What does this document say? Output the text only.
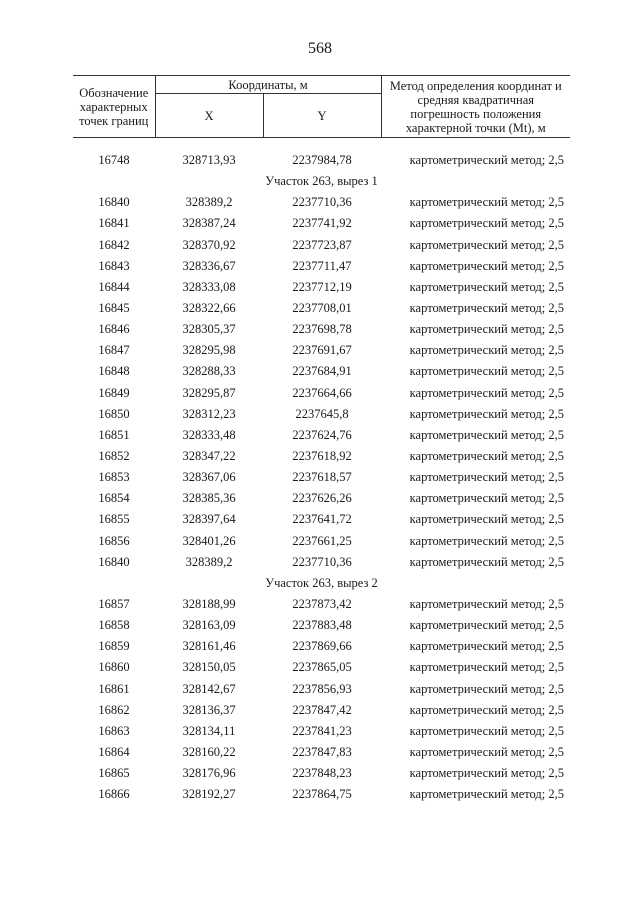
568
Обозначение характерных точек границ	Координаты, м		Метод определения координат и средняя квадратичная погрешность положения характерной точки (Mt), м
	X	Y	

16748	328713,93	2237984,78	картометрический метод; 2,5
Участок 263, вырез 1			
16840	328389,2	2237710,36	картометрический метод; 2,5
16841	328387,24	2237741,92	картометрический метод; 2,5
16842	328370,92	2237723,87	картометрический метод; 2,5
16843	328336,67	2237711,47	картометрический метод; 2,5
16844	328333,08	2237712,19	картометрический метод; 2,5
16845	328322,66	2237708,01	картометрический метод; 2,5
16846	328305,37	2237698,78	картометрический метод; 2,5
16847	328295,98	2237691,67	картометрический метод; 2,5
16848	328288,33	2237684,91	картометрический метод; 2,5
16849	328295,87	2237664,66	картометрический метод; 2,5
16850	328312,23	2237645,8	картометрический метод; 2,5
16851	328333,48	2237624,76	картометрический метод; 2,5
16852	328347,22	2237618,92	картометрический метод; 2,5
16853	328367,06	2237618,57	картометрический метод; 2,5
16854	328385,36	2237626,26	картометрический метод; 2,5
16855	328397,64	2237641,72	картометрический метод; 2,5
16856	328401,26	2237661,25	картометрический метод; 2,5
16840	328389,2	2237710,36	картометрический метод; 2,5
Участок 263, вырез 2			
16857	328188,99	2237873,42	картометрический метод; 2,5
16858	328163,09	2237883,48	картометрический метод; 2,5
16859	328161,46	2237869,66	картометрический метод; 2,5
16860	328150,05	2237865,05	картометрический метод; 2,5
16861	328142,67	2237856,93	картометрический метод; 2,5
16862	328136,37	2237847,42	картометрический метод; 2,5
16863	328134,11	2237841,23	картометрический метод; 2,5
16864	328160,22	2237847,83	картометрический метод; 2,5
16865	328176,96	2237848,23	картометрический метод; 2,5
16866	328192,27	2237864,75	картометрический метод; 2,5
